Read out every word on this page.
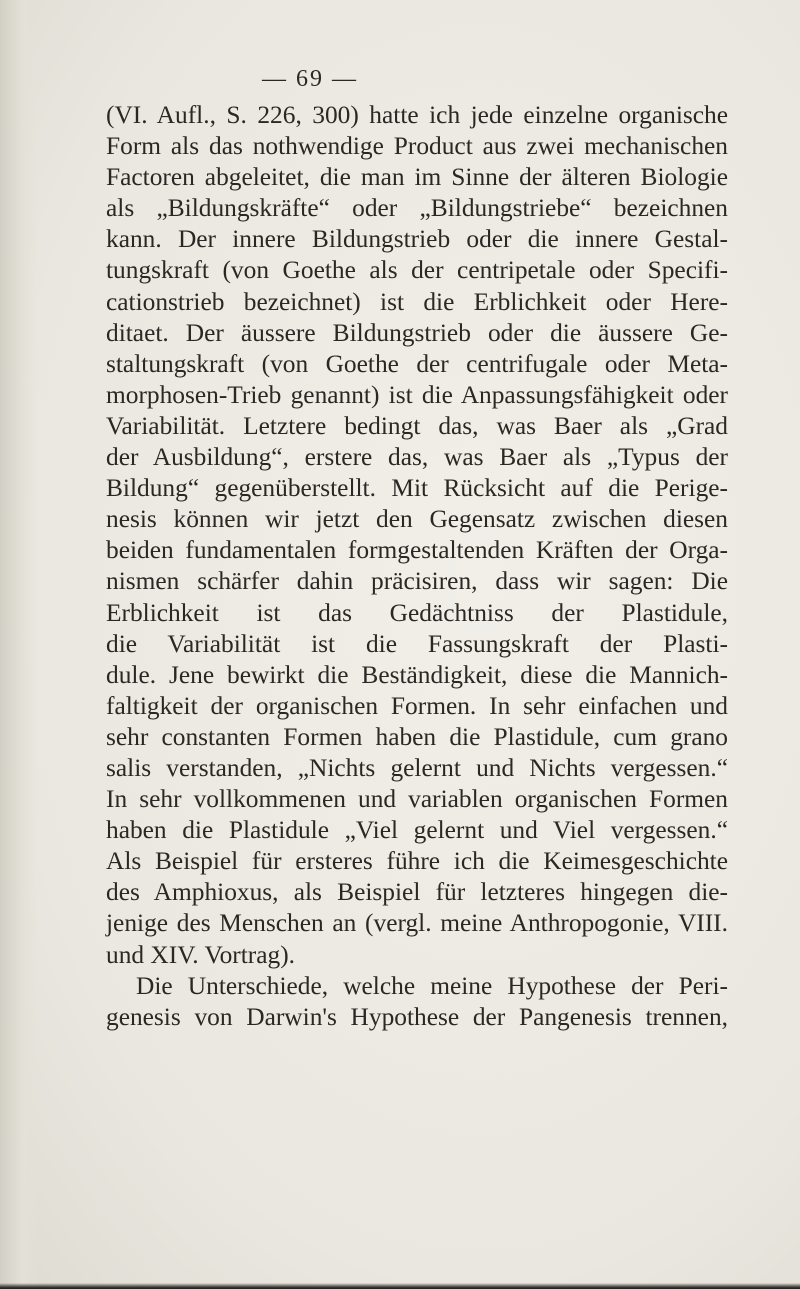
— 69 —
(VI. Aufl., S. 226, 300) hatte ich jede einzelne organische
Form als das nothwendige Product aus zwei mechanischen
Factoren abgeleitet, die man im Sinne der älteren Biologie
als „Bildungskräfte“ oder „Bildungstriebe“ bezeichnen
kann. Der innere Bildungstrieb oder die innere Gestal-
tungskraft (von Goethe als der centripetale oder Specifi-
cationstrieb bezeichnet) ist die Erblichkeit oder Here-
ditaet. Der äussere Bildungstrieb oder die äussere Ge-
staltungskraft (von Goethe der centrifugale oder Meta-
morphosen-Trieb genannt) ist die Anpassungsfähigkeit oder
Variabilität. Letztere bedingt das, was Baer als „Grad
der Ausbildung“, erstere das, was Baer als „Typus der
Bildung“ gegenüberstellt. Mit Rücksicht auf die Perige-
nesis können wir jetzt den Gegensatz zwischen diesen
beiden fundamentalen formgestaltenden Kräften der Orga-
nismen schärfer dahin präcisiren, dass wir sagen: Die
Erblichkeit ist das Gedächtniss der Plastidule,
die Variabilität ist die Fassungskraft der Plasti-
dule. Jene bewirkt die Beständigkeit, diese die Mannich-
faltigkeit der organischen Formen. In sehr einfachen und
sehr constanten Formen haben die Plastidule, cum grano
salis verstanden, „Nichts gelernt und Nichts vergessen.“
In sehr vollkommenen und variablen organischen Formen
haben die Plastidule „Viel gelernt und Viel vergessen.“
Als Beispiel für ersteres führe ich die Keimesgeschichte
des Amphioxus, als Beispiel für letzteres hingegen die-
jenige des Menschen an (vergl. meine Anthropogonie, VIII.
und XIV. Vortrag).
Die Unterschiede, welche meine Hypothese der Peri-
genesis von Darwin's Hypothese der Pangenesis trennen,
